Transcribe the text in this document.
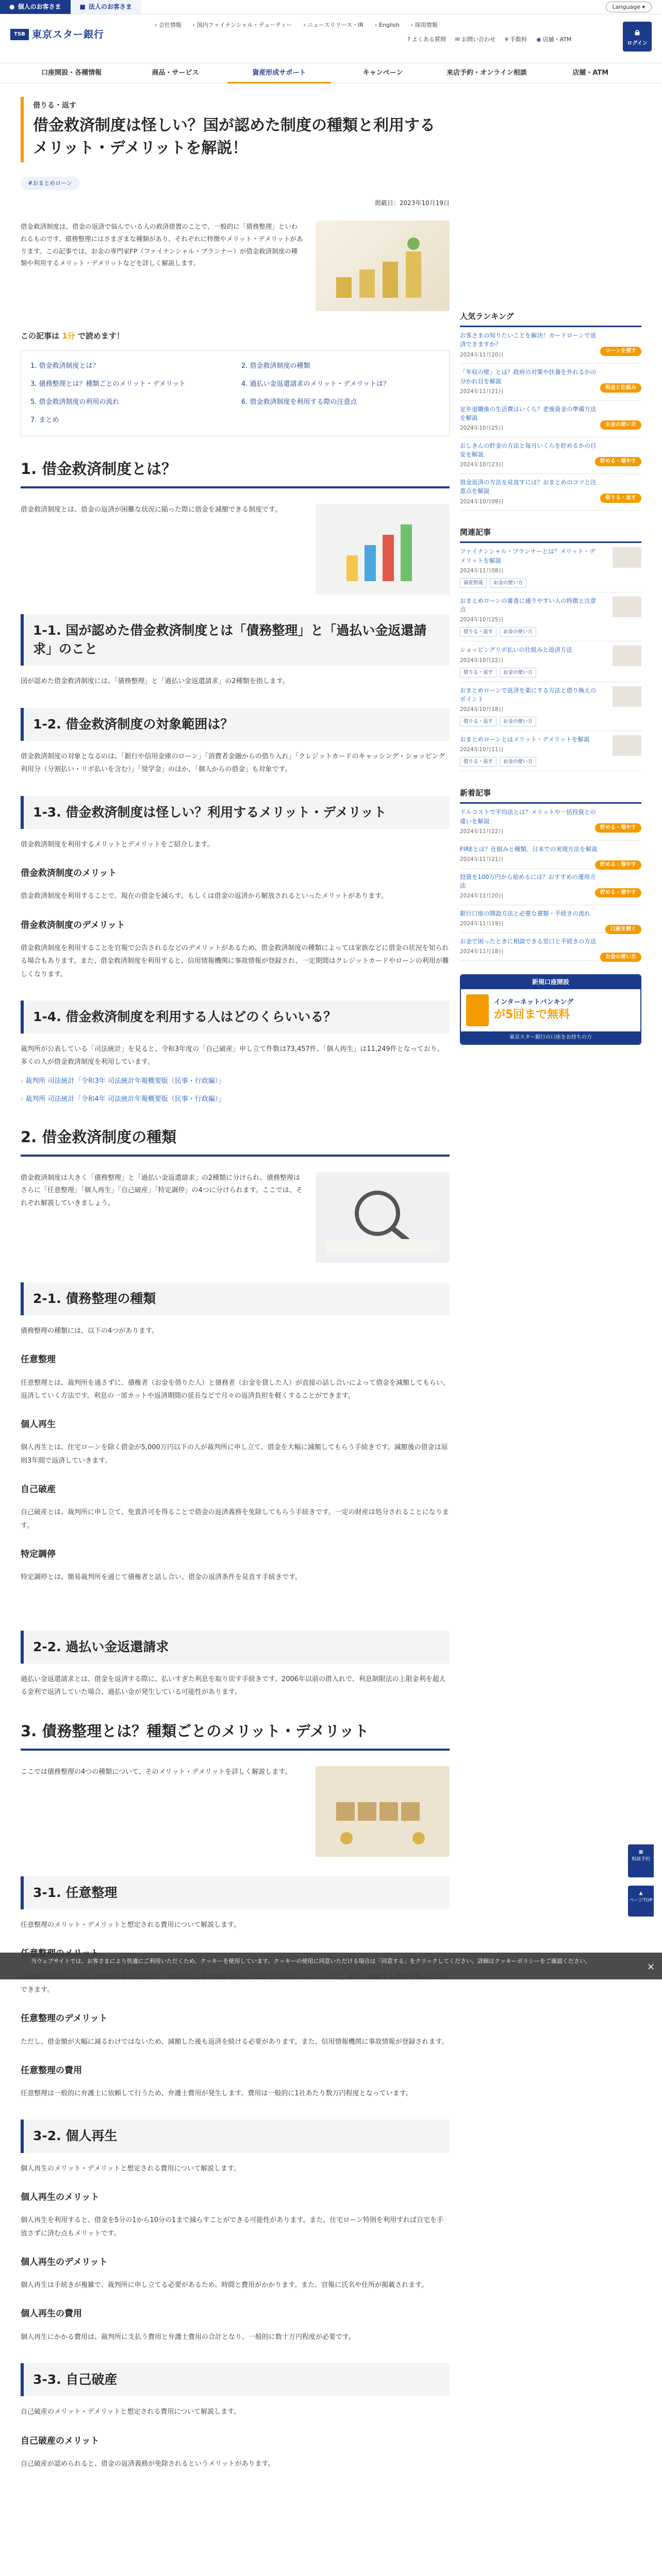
● 個人のお客さま	■ 法人のお客さま	Language ▾
TSB 東京スター銀行
› 会社情報	› 国内ファイナンシャル・デューティー	› ニュースリリース・IR	› English	› 採用情報
? よくある質問 ✉ お問い合わせ ¥ 手数料 ◉ 店舗・ATM
🔒︎
ログイン
口座開設・各種情報	商品・サービス	資産形成サポート	キャンペーン	来店予約・オンライン相談	店舗・ATM
借りる・返す
借金救済制度は怪しい？国が認めた制度の種類と利用するメリット・デメリットを解説！
#おまとめローン
掲載日：2023年10月19日

借金救済制度は、借金の返済で悩んでいる人の救済措置のことで、一般的に「債務整理」といわれるものです。債務整理にはさまざまな種類があり、それぞれに特徴やメリット・デメリットがあります。この記事では、お金の専門家FP（ファイナンシャル・プランナー）が借金救済制度の種類や利用するメリット・デメリットなどを詳しく解説します。

この記事は 1分 で読めます！
1. 借金救済制度とは？	2. 借金救済制度の種類
3. 債務整理とは？種類ごとのメリット・デメリット	4. 過払い金返還請求のメリット・デメリットは？
5. 借金救済制度の利用の流れ	6. 借金救済制度を利用する際の注意点
7. まとめ
1. 借金救済制度とは？

借金救済制度とは、借金の返済が困難な状況に陥った際に借金を減額できる制度です。

1-1. 国が認めた借金救済制度とは「債務整理」と「過払い金返還請求」のこと

国が認めた借金救済制度には、「債務整理」と「過払い金返還請求」の2種類を指します。

1-2. 借金救済制度の対象範囲は？

借金救済制度の対象となるのは、「銀行や信用金庫のローン」「消費者金融からの借り入れ」「クレジットカードのキャッシング・ショッピング利用分（分割払い・リボ払いを含む）」「奨学金」のほか、「個人からの借金」も対象です。

1-3. 借金救済制度は怪しい？利用するメリット・デメリット

借金救済制度を利用するメリットとデメリットをご紹介します。

借金救済制度のメリット

借金救済制度を利用することで、現在の借金を減らす、もしくは借金の返済から解放されるといったメリットがあります。

借金救済制度のデメリット

借金救済制度を利用することを官報で公告されるなどのデメリットがあるため、借金救済制度の種類によっては家族などに借金の状況を知られる場合もあります。また、借金救済制度を利用すると、信用情報機関に事故情報が登録され、一定期間はクレジットカードやローンの利用が難しくなります。

1-4. 借金救済制度を利用する人はどのくらいいる？

裁判所が公表している「司法統計」を見ると、令和3年度の「自己破産」申し立て件数は73,457件、「個人再生」は11,249件となっており、多くの人が借金救済制度を利用しています。

› 裁判所 司法統計「令和3年 司法統計年報概要版（民事・行政編）」
› 裁判所 司法統計「令和4年 司法統計年報概要版（民事・行政編）」
2. 借金救済制度の種類

借金救済制度は大きく「債務整理」と「過払い金返還請求」の2種類に分けられ、債務整理はさらに「任意整理」「個人再生」「自己破産」「特定調停」の4つに分けられます。ここでは、それぞれ解説していきましょう。

2-1. 債務整理の種類

債務整理の種類には、以下の4つがあります。

任意整理

任意整理とは、裁判所を通さずに、債権者（お金を借りた人）と債務者（お金を貸した人）が直接の話し合いによって借金を減額してもらい、返済していく方法です。利息の一部カットや返済期間の延長などで月々の返済負担を軽くすることができます。

個人再生

個人再生とは、住宅ローンを除く借金が5,000万円以下の人が裁判所に申し立て、借金を大幅に減額してもらう手続きです。減額後の借金は原則3年間で返済していきます。

自己破産

自己破産とは、裁判所に申し立て、免責許可を得ることで借金の返済義務を免除してもらう手続きです。一定の財産は処分されることになります。

特定調停

特定調停とは、簡易裁判所を通じて債権者と話し合い、借金の返済条件を見直す手続きです。

2-2. 過払い金返還請求

過払い金返還請求とは、借金を返済する際に、払いすぎた利息を取り戻す手続きです。2006年以前の借入れで、利息制限法の上限金利を超える金利で返済していた場合、過払い金が発生している可能性があります。

3. 債務整理とは？種類ごとのメリット・デメリット

ここでは債務整理の4つの種類について、そのメリット・デメリットを詳しく解説します。

3-1. 任意整理

任意整理のメリット・デメリットと想定される費用について解説します。

できます。

任意整理のデメリット

ただし、借金額が大幅に減るわけではないため、減額した後も返済を続ける必要があります。また、信用情報機関に事故情報が登録されます。

任意整理の費用

任意整理は一般的に弁護士に依頼して行うため、弁護士費用が発生します。費用は一般的に1社あたり数万円程度となっています。

3-2. 個人再生

個人再生のメリット・デメリットと想定される費用について解説します。

個人再生のメリット

個人再生を利用すると、借金を5分の1から10分の1まで減らすことができる可能性があります。また、住宅ローン特則を利用すれば自宅を手放さずに済む点もメリットです。

個人再生のデメリット

個人再生は手続きが複雑で、裁判所に申し立てる必要があるため、時間と費用がかかります。また、官報に氏名や住所が掲載されます。

個人再生の費用

個人再生にかかる費用は、裁判所に支払う費用と弁護士費用の合計となり、一般的に数十万円程度が必要です。

3-3. 自己破産

自己破産のメリット・デメリットと想定される費用について解説します。

自己破産のメリット

自己破産が認められると、借金の返済義務が免除されるというメリットがあります。

人気ランキング
お客さまの知りたいことを解決！カードローンで返済できますか？
2024年11月20日
ローンを探す
「年収の壁」とは？政府の対策や扶養を外れるかの分かれ目を解説
2024年11月21日
税金と仕組み
定年退職後の生活費はいくら？老後資金の準備方法を解説
2024年10月25日
お金の使い方
おしきんの貯金の方法と毎月いくらを貯めるかの目安を解説
2024年10月23日
貯める・増やす
借金返済の方法を見直すには？おまとめのコツと注意点を解説
2024年10月09日
借りる・返す
関連記事
ファイナンシャル・プランナーとは？メリット・デメリットを解説
2024年11月08日
資産形成	お金の使い方
おまとめローンの審査に通りやすい人の特徴と注意点
2024年10月25日
借りる・返す	お金の使い方
ショッピングリボ払いの仕組みと返済方法
2024年10月22日
借りる・返す	お金の使い方
おまとめローンで返済を楽にする方法と借り換えのポイント
2024年10月18日
借りる・返す	お金の使い方
おまとめローンとはメリット・デメリットを解説
2024年10月11日
借りる・返す	お金の使い方
新着記事
ドルコストで平均法とは？メリットや一括投資との違いを解説
2024年11月22日
貯める・増やす
FIREとは？仕組みと種類、日本での実現方法を解説
2024年11月21日
貯める・増やす
投資を100万円から始めるには？おすすめの運用方法
2024年11月20日
貯める・増やす
銀行口座の開設方法と必要な書類・手続きの流れ
2024年11月19日
口座を開く
お金で困ったときに相談できる窓口と手続きの方法
2024年11月18日
お金の使い方
新規口座開設
インターネットバンキング
が5回まで無料
東京スター銀行の口座をお持ちの方
当ウェブサイトでは、お客さまにより快適にご利用いただくため、クッキーを使用しています。クッキーの使用に同意いただける場合は「同意する」をクリックしてください。詳細はクッキーポリシーをご確認ください。
×
▦
相談予約
▲
ページTOP
